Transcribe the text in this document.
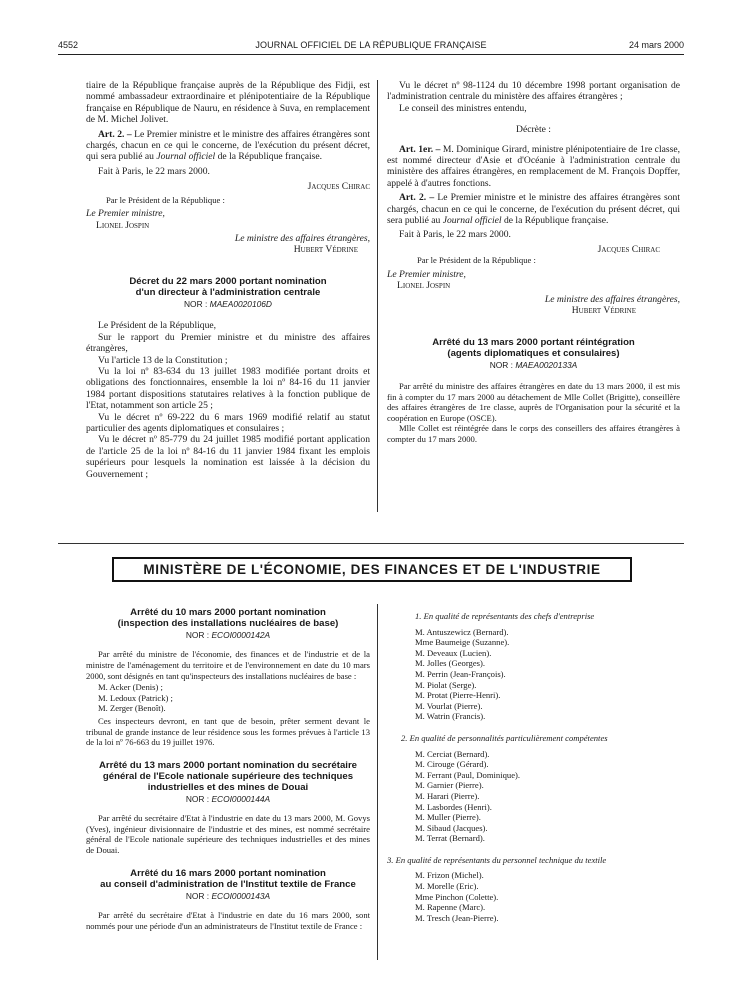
4552	JOURNAL OFFICIEL DE LA RÉPUBLIQUE FRANÇAISE	24 mars 2000

tiaire de la République française auprès de la République des Fidji, est nommé ambassadeur extraordinaire et plénipotentiaire de la République française en République de Nauru, en résidence à Suva, en remplacement de M. Michel Jolivet.

Art. 2. – Le Premier ministre et le ministre des affaires étrangères sont chargés, chacun en ce qui le concerne, de l'exécution du présent décret, qui sera publié au Journal officiel de la République française.

Fait à Paris, le 22 mars 2000.

Jacques Chirac

Par le Président de la République :

Le Premier ministre,

Lionel Jospin

Le ministre des affaires étrangères,

Hubert Védrine

Décret du 22 mars 2000 portant nomination
d'un directeur à l'administration centrale
NOR : MAEA0020106D

Le Président de la République,

Sur le rapport du Premier ministre et du ministre des affaires étrangères,

Vu l'article 13 de la Constitution ;

Vu la loi nº 83-634 du 13 juillet 1983 modifiée portant droits et obligations des fonctionnaires, ensemble la loi nº 84-16 du 11 janvier 1984 portant dispositions statutaires relatives à la fonction publique de l'Etat, notamment son article 25 ;

Vu le décret nº 69-222 du 6 mars 1969 modifié relatif au statut particulier des agents diplomatiques et consulaires ;

Vu le décret nº 85-779 du 24 juillet 1985 modifié portant application de l'article 25 de la loi nº 84-16 du 11 janvier 1984 fixant les emplois supérieurs pour lesquels la nomination est laissée à la décision du Gouvernement ;

Vu le décret nº 98-1124 du 10 décembre 1998 portant organisation de l'administration centrale du ministère des affaires étrangères ;

Le conseil des ministres entendu,

Décrète :

Art. 1er. – M. Dominique Girard, ministre plénipotentiaire de 1re classe, est nommé directeur d'Asie et d'Océanie à l'administration centrale du ministère des affaires étrangères, en remplacement de M. François Dopffer, appelé à d'autres fonctions.

Art. 2. – Le Premier ministre et le ministre des affaires étrangères sont chargés, chacun en ce qui le concerne, de l'exécution du présent décret, qui sera publié au Journal officiel de la République française.

Fait à Paris, le 22 mars 2000.

Jacques Chirac

Par le Président de la République :

Le Premier ministre,

Lionel Jospin

Le ministre des affaires étrangères,

Hubert Védrine

Arrêté du 13 mars 2000 portant réintégration
(agents diplomatiques et consulaires)
NOR : MAEA0020133A

Par arrêté du ministre des affaires étrangères en date du 13 mars 2000, il est mis fin à compter du 17 mars 2000 au détachement de Mlle Collet (Brigitte), conseillère des affaires étrangères de 1re classe, auprès de l'Organisation pour la sécurité et la coopération en Europe (OSCE).

Mlle Collet est réintégrée dans le corps des conseillers des affaires étrangères à compter du 17 mars 2000.

MINISTÈRE DE L'ÉCONOMIE, DES FINANCES ET DE L'INDUSTRIE
Arrêté du 10 mars 2000 portant nomination
(inspection des installations nucléaires de base)
NOR : ECOI0000142A

Par arrêté du ministre de l'économie, des finances et de l'industrie et de la ministre de l'aménagement du territoire et de l'environnement en date du 10 mars 2000, sont désignés en tant qu'inspecteurs des installations nucléaires de base :

M. Acker (Denis) ;

M. Ledoux (Patrick) ;

M. Zerger (Benoît).

Ces inspecteurs devront, en tant que de besoin, prêter serment devant le tribunal de grande instance de leur résidence sous les formes prévues à l'article 13 de la loi nº 76-663 du 19 juillet 1976.

Arrêté du 13 mars 2000 portant nomination du secrétaire
général de l'Ecole nationale supérieure des techniques
industrielles et des mines de Douai
NOR : ECOI0000144A

Par arrêté du secrétaire d'Etat à l'industrie en date du 13 mars 2000, M. Govys (Yves), ingénieur divisionnaire de l'industrie et des mines, est nommé secrétaire général de l'Ecole nationale supérieure des techniques industrielles et des mines de Douai.

Arrêté du 16 mars 2000 portant nomination
au conseil d'administration de l'Institut textile de France
NOR : ECOI0000143A

Par arrêté du secrétaire d'Etat à l'industrie en date du 16 mars 2000, sont nommés pour une période d'un an administrateurs de l'Institut textile de France :

1. En qualité de représentants des chefs d'entreprise

M. Antuszewicz (Bernard).
Mme Baumeige (Suzanne).
M. Deveaux (Lucien).
M. Jolles (Georges).
M. Perrin (Jean-François).
M. Piolat (Serge).
M. Protat (Pierre-Henri).
M. Vourlat (Pierre).
M. Watrin (Francis).

2. En qualité de personnalités particulièrement compétentes

M. Cerciat (Bernard).
M. Cirouge (Gérard).
M. Ferrant (Paul, Dominique).
M. Garnier (Pierre).
M. Harari (Pierre).
M. Lasbordes (Henri).
M. Muller (Pierre).
M. Sibaud (Jacques).
M. Terrat (Bernard).

3. En qualité de représentants du personnel technique du textile

M. Frizon (Michel).
M. Morelle (Eric).
Mme Pinchon (Colette).
M. Rapenne (Marc).
M. Tresch (Jean-Pierre).
